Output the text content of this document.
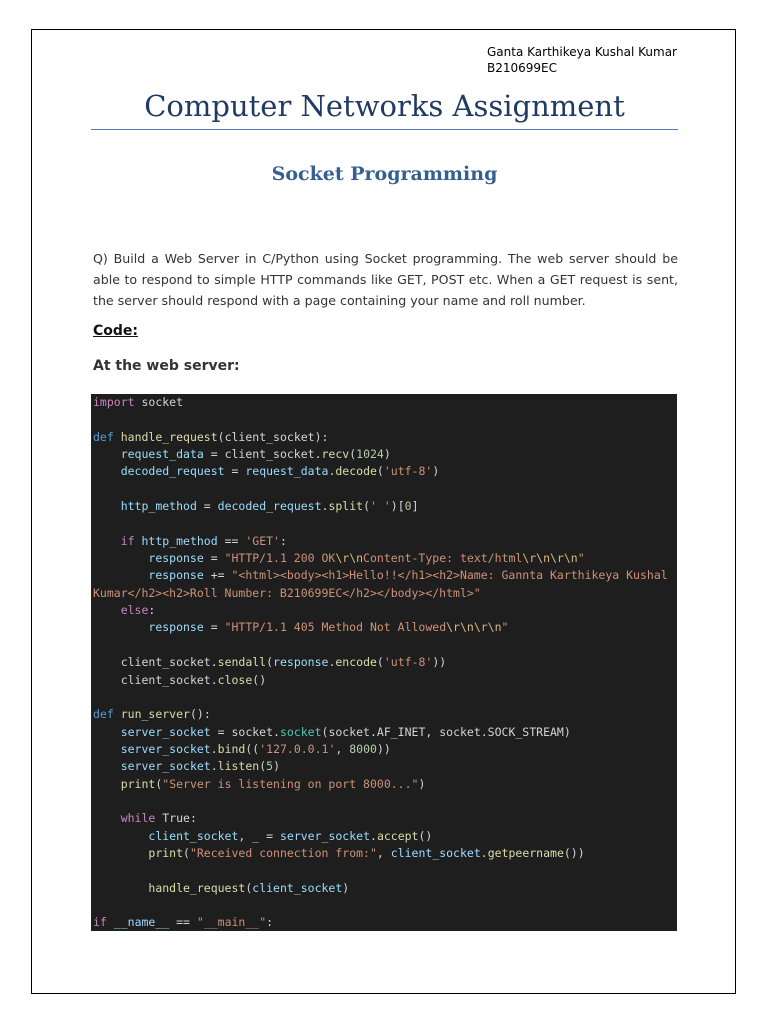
Ganta Karthikeya Kushal Kumar
B210699EC
Computer Networks Assignment
Socket Programming
Q) Build a Web Server in C/Python using Socket programming. The web server should be able to respond to simple HTTP commands like GET, POST etc. When a GET request is sent, the server should respond with a page containing your name and roll number.
Code:
At the web server:
import socket

def handle_request(client_socket):
request_data = client_socket.recv(1024)
decoded_request = request_data.decode('utf-8')

http_method = decoded_request.split(' ')[0]

if http_method == 'GET':
response = "HTTP/1.1 200 OK\r\nContent-Type: text/html\r\n\r\n"
response += "<html><body><h1>Hello!!</h1><h2>Name: Gannta Karthikeya Kushal Kumar</h2><h2>Roll Number: B210699EC</h2></body></html>"
else:
response = "HTTP/1.1 405 Method Not Allowed\r\n\r\n"

client_socket.sendall(response.encode('utf-8'))
client_socket.close()

def run_server():
server_socket = socket.socket(socket.AF_INET, socket.SOCK_STREAM)
server_socket.bind(('127.0.0.1', 8000))
server_socket.listen(5)
print("Server is listening on port 8000...")

while True:
client_socket, _ = server_socket.accept()
print("Received connection from:", client_socket.getpeername())

handle_request(client_socket)

if __name__ == "__main__":
